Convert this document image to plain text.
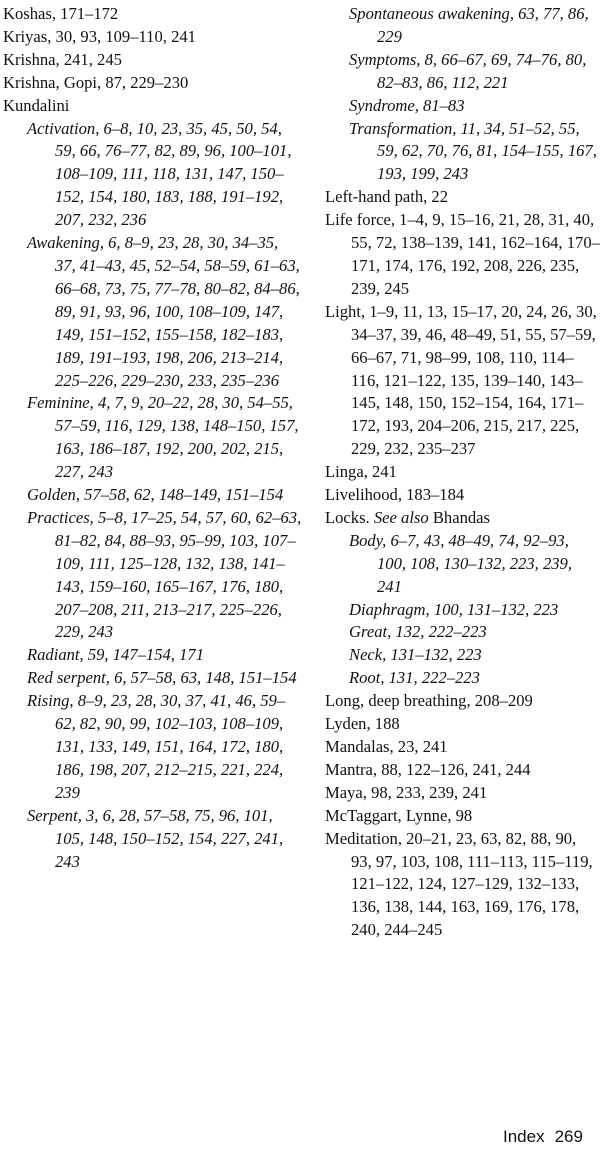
Koshas, 171–172

Kriyas, 30, 93, 109–110, 241

Krishna, 241, 245

Krishna, Gopi, 87, 229–230

Kundalini

Activation, 6–8, 10, 23, 35, 45, 50, 54, 59, 66, 76–77, 82, 89, 96, 100–101, 108–109, 111, 118, 131, 147, 150–152, 154, 180, 183, 188, 191–192, 207, 232, 236

Awakening, 6, 8–9, 23, 28, 30, 34–35, 37, 41–43, 45, 52–54, 58–59, 61–63, 66–68, 73, 75, 77–78, 80–82, 84–86, 89, 91, 93, 96, 100, 108–109, 147, 149, 151–152, 155–158, 182–183, 189, 191–193, 198, 206, 213–214, 225–226, 229–230, 233, 235–236

Feminine, 4, 7, 9, 20–22, 28, 30, 54–55, 57–59, 116, 129, 138, 148–150, 157, 163, 186–187, 192, 200, 202, 215, 227, 243

Golden, 57–58, 62, 148–149, 151–154

Practices, 5–8, 17–25, 54, 57, 60, 62–63, 81–82, 84, 88–93, 95–99, 103, 107–109, 111, 125–128, 132, 138, 141–143, 159–160, 165–167, 176, 180, 207–208, 211, 213–217, 225–226, 229, 243

Radiant, 59, 147–154, 171

Red serpent, 6, 57–58, 63, 148, 151–154

Rising, 8–9, 23, 28, 30, 37, 41, 46, 59–62, 82, 90, 99, 102–103, 108–109, 131, 133, 149, 151, 164, 172, 180, 186, 198, 207, 212–215, 221, 224, 239

Serpent, 3, 6, 28, 57–58, 75, 96, 101, 105, 148, 150–152, 154, 227, 241, 243

Spontaneous awakening, 63, 77, 86, 229

Symptoms, 8, 66–67, 69, 74–76, 80, 82–83, 86, 112, 221

Syndrome, 81–83

Transformation, 11, 34, 51–52, 55, 59, 62, 70, 76, 81, 154–155, 167, 193, 199, 243

Left-hand path, 22

Life force, 1–4, 9, 15–16, 21, 28, 31, 40, 55, 72, 138–139, 141, 162–164, 170–171, 174, 176, 192, 208, 226, 235, 239, 245

Light, 1–9, 11, 13, 15–17, 20, 24, 26, 30, 34–37, 39, 46, 48–49, 51, 55, 57–59, 66–67, 71, 98–99, 108, 110, 114–116, 121–122, 135, 139–140, 143–145, 148, 150, 152–154, 164, 171–172, 193, 204–206, 215, 217, 225, 229, 232, 235–237

Linga, 241

Livelihood, 183–184

Locks. See also Bhandas

Body, 6–7, 43, 48–49, 74, 92–93, 100, 108, 130–132, 223, 239, 241

Diaphragm, 100, 131–132, 223

Great, 132, 222–223

Neck, 131–132, 223

Root, 131, 222–223

Long, deep breathing, 208–209

Lyden, 188

Mandalas, 23, 241

Mantra, 88, 122–126, 241, 244

Maya, 98, 233, 239, 241

McTaggart, Lynne, 98

Meditation, 20–21, 23, 63, 82, 88, 90, 93, 97, 103, 108, 111–113, 115–119, 121–122, 124, 127–129, 132–133, 136, 138, 144, 163, 169, 176, 178, 240, 244–245

Index 269
